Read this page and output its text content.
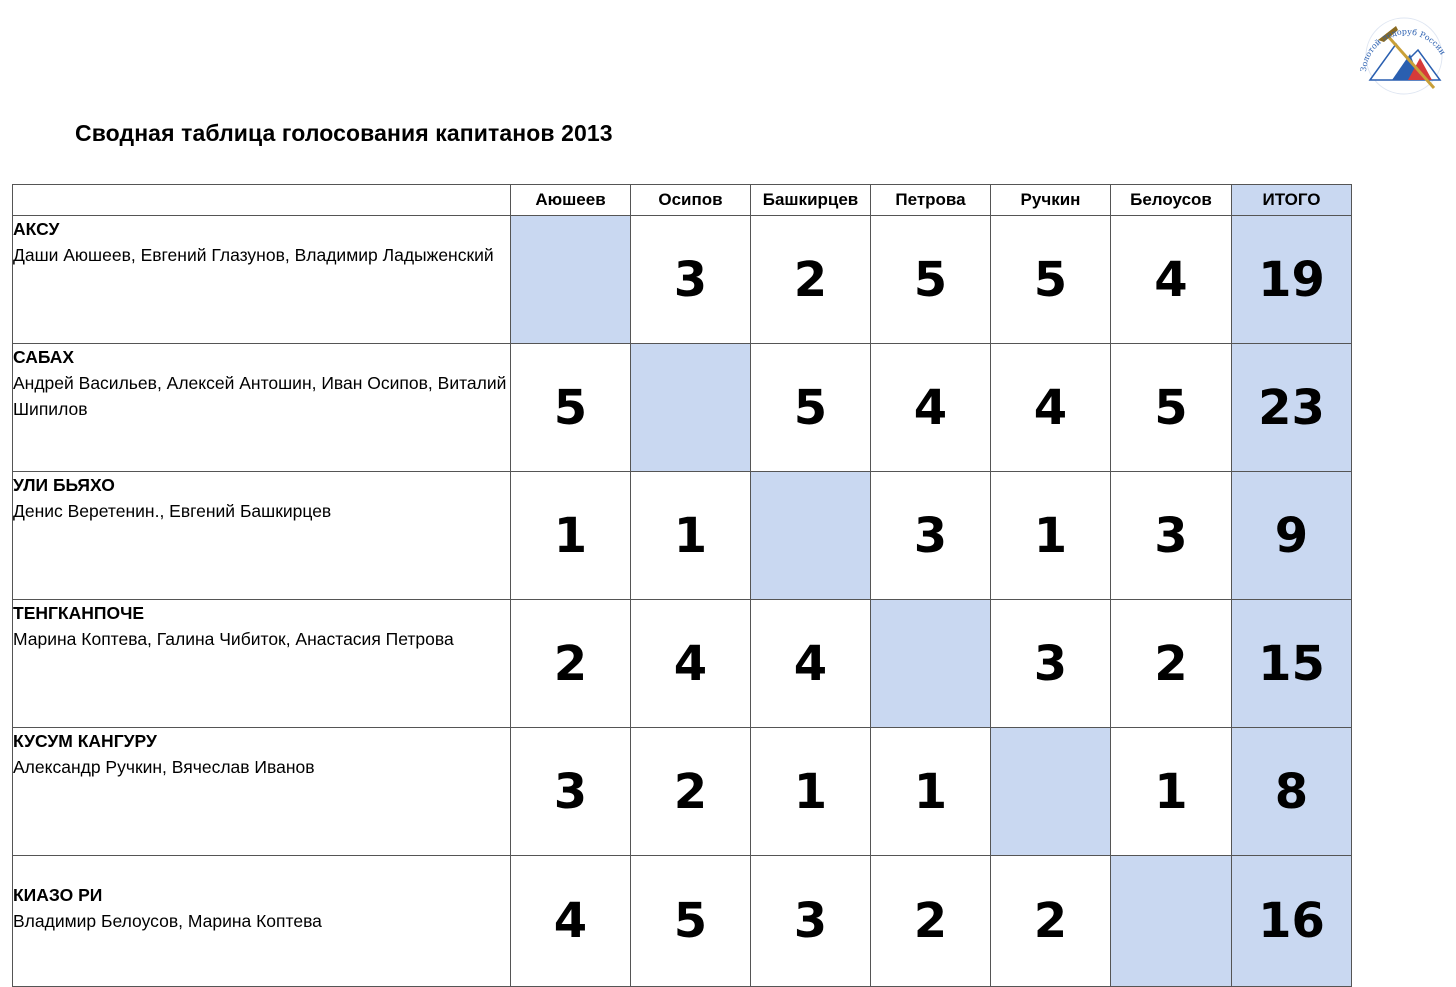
Золотой ледоруб России
Сводная таблица голосования капитанов 2013
	Аюшеев	Осипов	Башкирцев	Петрова	Ручкин	Белоусов	ИТОГО

АКСУ
Даши Аюшеев, Евгений Глазунов, Владимир Ладыженский		3	2	5	5	4	19

САБАХ
Андрей Васильев, Алексей Антошин, Иван Осипов, Виталий Шипилов	5		5	4	4	5	23

УЛИ БЬЯХО
Денис Веретенин., Евгений Башкирцев	1	1		3	1	3	9

ТЕНГКАНПОЧЕ
Марина Коптева, Галина Чибиток, Анастасия Петрова	2	4	4		3	2	15

КУСУМ КАНГУРУ
Александр Ручкин, Вячеслав Иванов	3	2	1	1		1	8

КИАЗО РИ
Владимир Белоусов, Марина Коптева	4	5	3	2	2		16
